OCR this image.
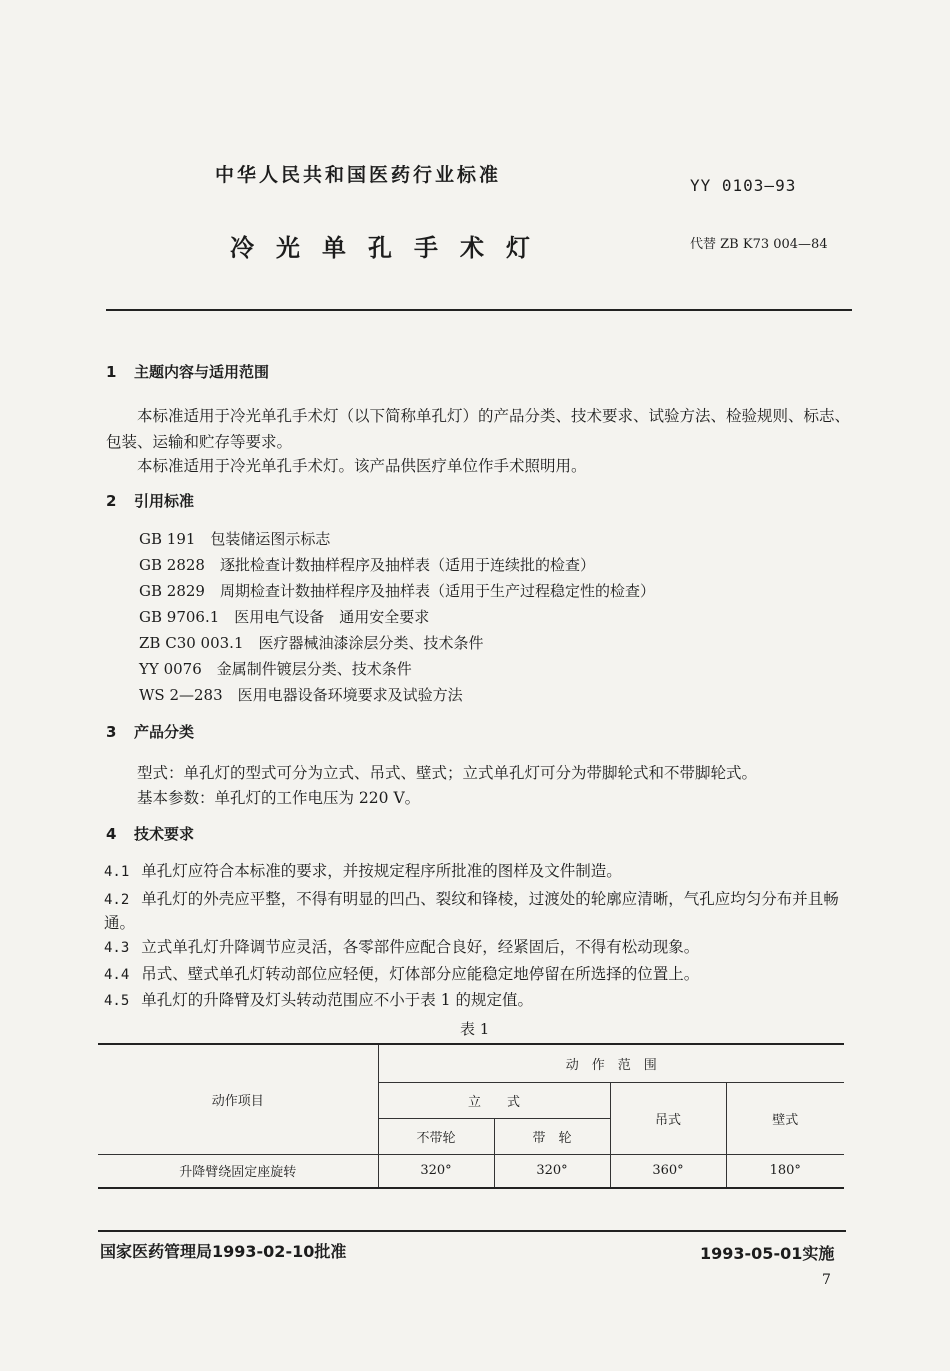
中华人民共和国医药行业标准	YY 0103—93
冷光单孔手术灯	代替 ZB K73 004—84
1 主题内容与适用范围
本标准适用于冷光单孔手术灯（以下简称单孔灯）的产品分类、技术要求、试验方法、检验规则、标志、包装、运输和贮存等要求。
本标准适用于冷光单孔手术灯。该产品供医疗单位作手术照明用。
2 引用标准
GB 191　包装储运图示标志
GB 2828　逐批检查计数抽样程序及抽样表（适用于连续批的检查）
GB 2829　周期检查计数抽样程序及抽样表（适用于生产过程稳定性的检查）
GB 9706.1　医用电气设备　通用安全要求
ZB C30 003.1　医疗器械油漆涂层分类、技术条件
YY 0076　金属制件镀层分类、技术条件
WS 2—283　医用电器设备环境要求及试验方法
3 产品分类
型式：单孔灯的型式可分为立式、吊式、壁式；立式单孔灯可分为带脚轮式和不带脚轮式。
基本参数：单孔灯的工作电压为 220 V。
4 技术要求
4.1 单孔灯应符合本标准的要求，并按规定程序所批准的图样及文件制造。
4.2 单孔灯的外壳应平整，不得有明显的凹凸、裂纹和锋棱，过渡处的轮廓应清晰，气孔应均匀分布并且畅通。
4.3 立式单孔灯升降调节应灵活，各零部件应配合良好，经紧固后，不得有松动现象。
4.4 吊式、壁式单孔灯转动部位应轻便，灯体部分应能稳定地停留在所选择的位置上。
4.5 单孔灯的升降臂及灯头转动范围应不小于表 1 的规定值。
表 1
动作项目	动　作　范　围			
	立　　式		吊式	壁式
	不带轮	带　轮		
升降臂绕固定座旋转	320°	320°	360°	180°
国家医药管理局1993-02-10批准	1993-05-01实施
7
